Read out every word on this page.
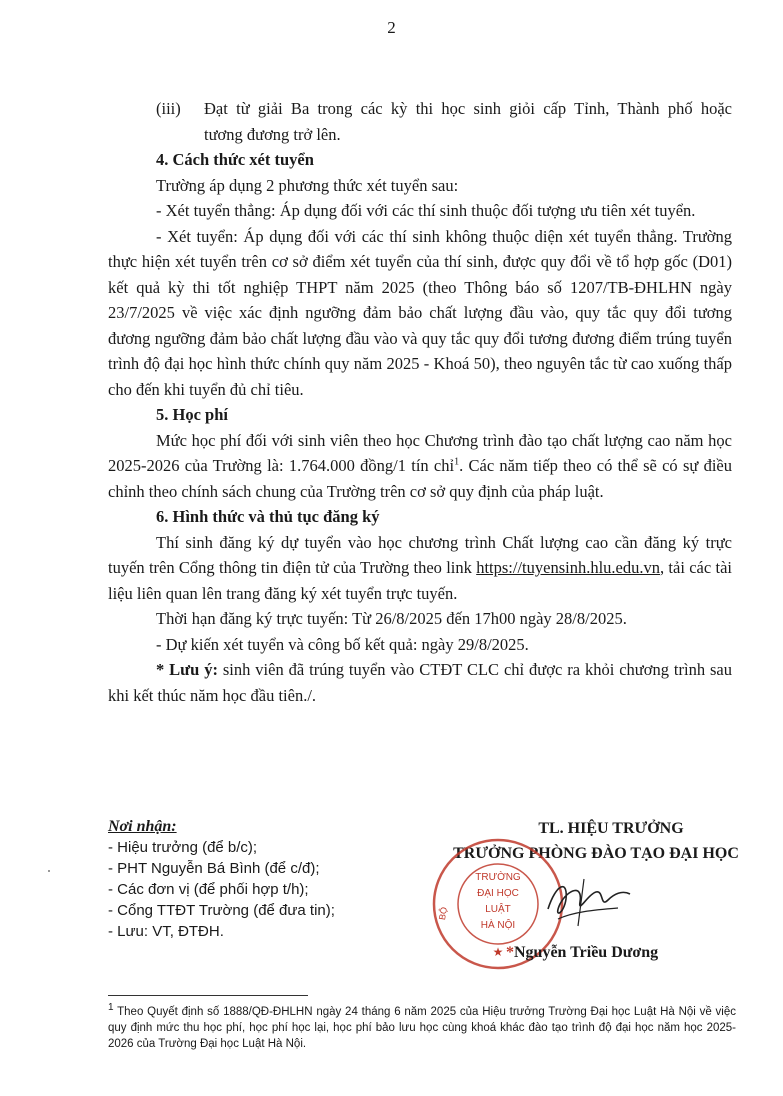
2
(iii) Đạt từ giải Ba trong các kỳ thi học sinh giỏi cấp Tỉnh, Thành phố hoặc
tương đương trở lên.

4. Cách thức xét tuyển

Trường áp dụng 2 phương thức xét tuyển sau:

- Xét tuyển thẳng: Áp dụng đối với các thí sinh thuộc đối tượng ưu tiên xét tuyển.

- Xét tuyển: Áp dụng đối với các thí sinh không thuộc diện xét tuyển thẳng. Trường thực hiện xét tuyển trên cơ sở điểm xét tuyển của thí sinh, được quy đổi về tổ hợp gốc (D01) kết quả kỳ thi tốt nghiệp THPT năm 2025 (theo Thông báo số 1207/TB-ĐHLHN ngày 23/7/2025 về việc xác định ngưỡng đảm bảo chất lượng đầu vào, quy tắc quy đổi tương đương ngưỡng đảm bảo chất lượng đầu vào và quy tắc quy đổi tương đương điểm trúng tuyển trình độ đại học hình thức chính quy năm 2025 - Khoá 50), theo nguyên tắc từ cao xuống thấp cho đến khi tuyển đủ chỉ tiêu.

5. Học phí

Mức học phí đối với sinh viên theo học Chương trình đào tạo chất lượng cao năm học 2025-2026 của Trường là: 1.764.000 đồng/1 tín chỉ$^1$. Các năm tiếp theo có thể sẽ có sự điều chỉnh theo chính sách chung của Trường trên cơ sở quy định của pháp luật.

6. Hình thức và thủ tục đăng ký

Thí sinh đăng ký dự tuyển vào học chương trình Chất lượng cao cần đăng ký trực tuyến trên Cổng thông tin điện tử của Trường theo link https://tuyensinh.hlu.edu.vn, tải các tài liệu liên quan lên trang đăng ký xét tuyển trực tuyến.

Thời hạn đăng ký trực tuyến: Từ 26/8/2025 đến 17h00 ngày 28/8/2025.

- Dự kiến xét tuyển và công bố kết quả: ngày 29/8/2025.

* Lưu ý: sinh viên đã trúng tuyển vào CTĐT CLC chỉ được ra khỏi chương trình sau khi kết thúc năm học đầu tiên./.

Nơi nhận:
- Hiệu trưởng (để b/c);
- PHT Nguyễn Bá Bình (để c/đ);
- Các đơn vị (để phối hợp t/h);
- Cổng TTĐT Trường (để đưa tin);
- Lưu: VT, ĐTĐH.
TL. HIỆU TRƯỞNG
TRƯỞNG PHÒNG ĐÀO TẠO ĐẠI HỌC
TRƯỜNG
ĐẠI HỌC
LUẬT
HÀ NỘI
BỘ
★ *Nguyễn Triều Dương
$^1$ Theo Quyết định số 1888/QĐ-ĐHLHN ngày 24 tháng 6 năm 2025 của Hiệu trưởng Trường Đại học Luật Hà Nội về việc quy định mức thu học phí, học phí học lại, học phí bảo lưu học cùng khoá khác đào tạo trình độ đại học năm học 2025-2026 của Trường Đại học Luật Hà Nội.
